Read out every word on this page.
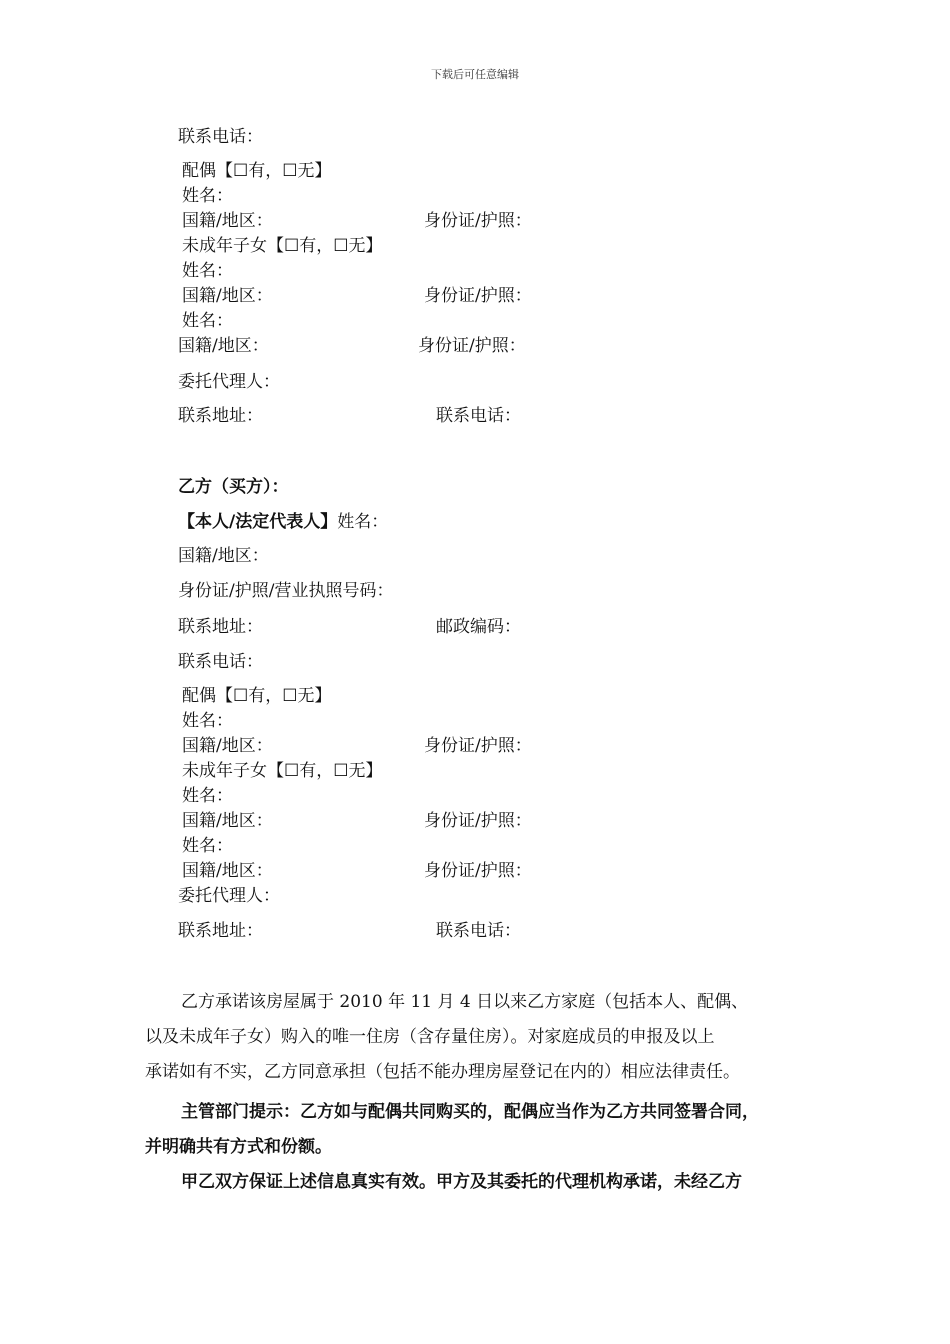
下载后可任意编辑
联系电话：
配偶【☐有，☐无】
姓名：
国籍/地区：	身份证/护照：
未成年子女【☐有，☐无】
姓名：
国籍/地区：	身份证/护照：
姓名：
国籍/地区：	身份证/护照：
委托代理人：
联系地址：	联系电话：
乙方（买方）：
【本人/法定代表人】姓名：
国籍/地区：
身份证/护照/营业执照号码：
联系地址：	邮政编码：
联系电话：
配偶【☐有，☐无】
姓名：
国籍/地区：	身份证/护照：
未成年子女【☐有，☐无】
姓名：
国籍/地区：	身份证/护照：
姓名：
国籍/地区：	身份证/护照：
委托代理人：
联系地址：	联系电话：
乙方承诺该房屋属于 2010 年 11 月 4 日以来乙方家庭（包括本人、配偶、
以及未成年子女）购入的唯一住房（含存量住房）。对家庭成员的申报及以上
承诺如有不实，乙方同意承担（包括不能办理房屋登记在内的）相应法律责任。
主管部门提示：乙方如与配偶共同购买的，配偶应当作为乙方共同签署合同，
并明确共有方式和份额。
甲乙双方保证上述信息真实有效。甲方及其委托的代理机构承诺，未经乙方
